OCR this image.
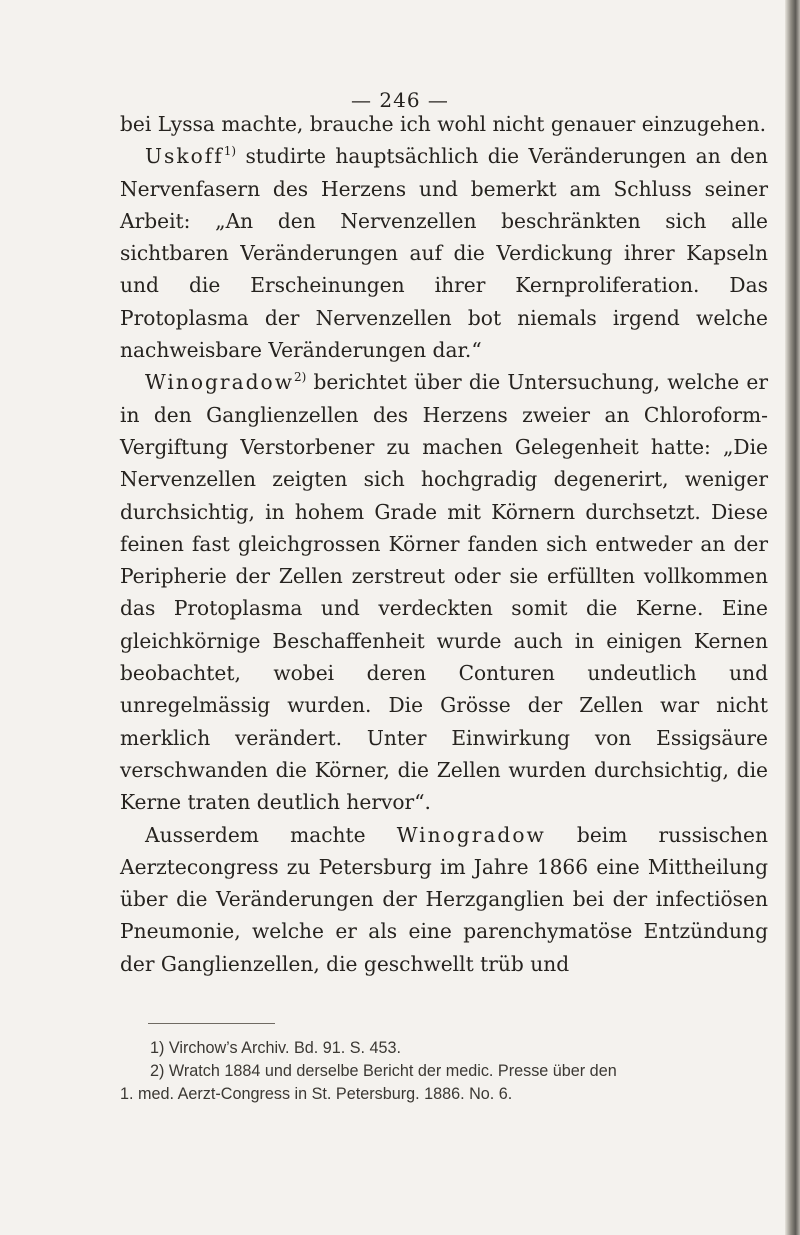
— 246 —

bei Lyssa machte, brauche ich wohl nicht genauer einzugehen.

Uskoff$^{1)}$ studirte hauptsächlich die Veränderungen an den Nervenfasern des Herzens und bemerkt am Schluss seiner Arbeit: „An den Nervenzellen beschränkten sich alle sichtbaren Veränderungen auf die Verdickung ihrer Kapseln und die Erscheinungen ihrer Kernproliferation. Das Protoplasma der Nervenzellen bot niemals irgend welche nachweisbare Veränderungen dar.“

Winogradow$^{2)}$ berichtet über die Untersuchung, welche er in den Ganglienzellen des Herzens zweier an Chloroform-Vergiftung Verstorbener zu machen Gelegenheit hatte: „Die Nervenzellen zeigten sich hochgradig degenerirt, weniger durchsichtig, in hohem Grade mit Körnern durchsetzt. Diese feinen fast gleichgrossen Körner fanden sich entweder an der Peripherie der Zellen zerstreut oder sie erfüllten vollkommen das Protoplasma und verdeckten somit die Kerne. Eine gleichkörnige Beschaffenheit wurde auch in einigen Kernen beobachtet, wobei deren Conturen undeutlich und unregelmässig wurden. Die Grösse der Zellen war nicht merklich verändert. Unter Einwirkung von Essigsäure verschwanden die Körner, die Zellen wurden durchsichtig, die Kerne traten deutlich hervor“.

Ausserdem machte Winogradow beim russischen Aerztecongress zu Petersburg im Jahre 1866 eine Mittheilung über die Veränderungen der Herzganglien bei der infectiösen Pneumonie, welche er als eine parenchymatöse Entzündung der Ganglienzellen, die geschwellt trüb und

1) Virchow’s Archiv. Bd. 91. S. 453.
2) Wratch 1884 und derselbe Bericht der medic. Presse über den
1. med. Aerzt-Congress in St. Petersburg. 1886. No. 6.
